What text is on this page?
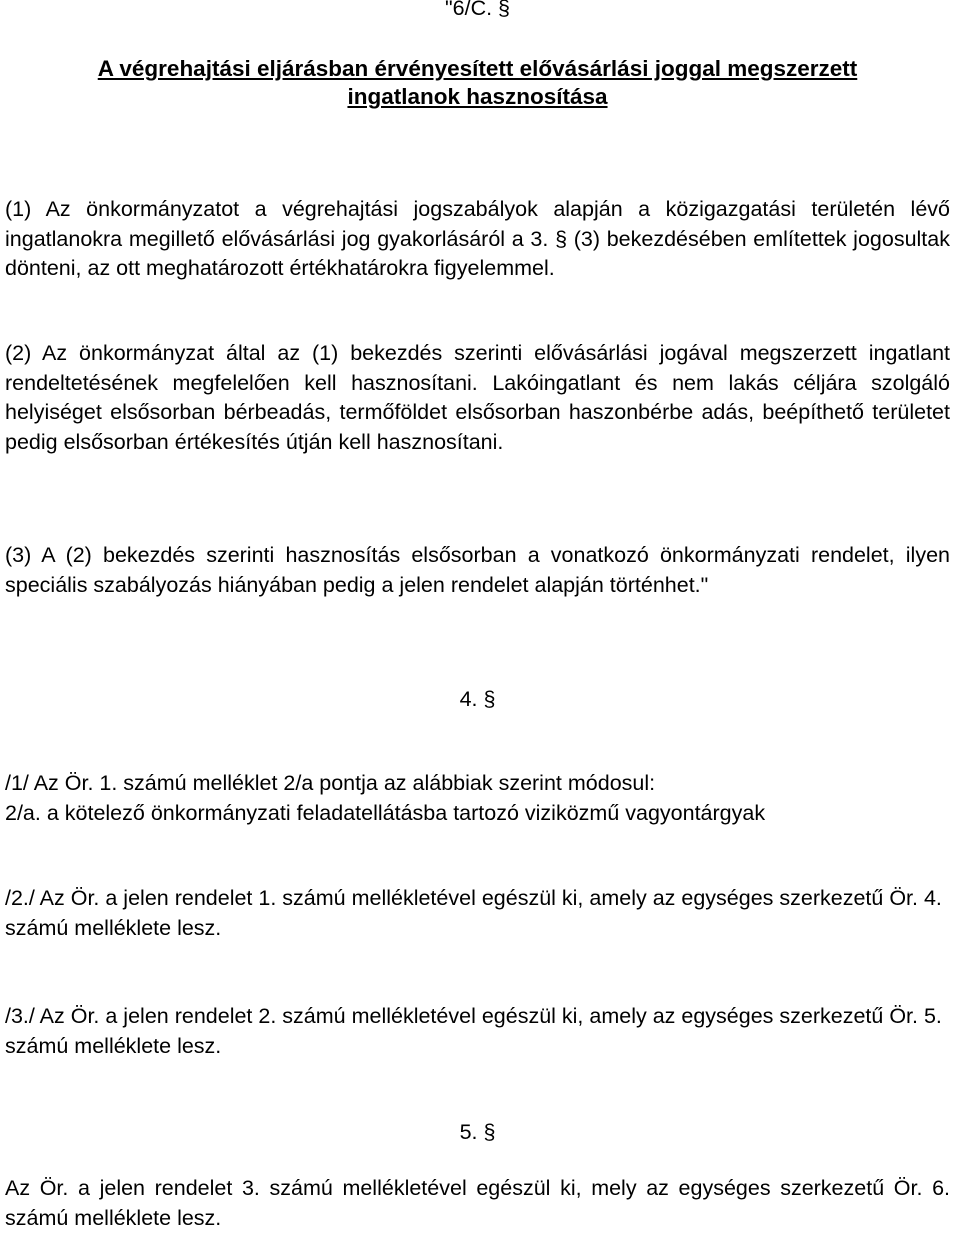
"6/C. §
A végrehajtási eljárásban érvényesített elővásárlási joggal megszerzett
ingatlanok hasznosítása
(1) Az önkormányzatot a végrehajtási jogszabályok alapján a közigazgatási területén lévő ingatlanokra megillető elővásárlási jog gyakorlásáról a 3. § (3) bekezdésében említettek jogosultak dönteni, az ott meghatározott értékhatárokra figyelemmel.
(2) Az önkormányzat által az (1) bekezdés szerinti elővásárlási jogával megszerzett ingatlant rendeltetésének megfelelően kell hasznosítani. Lakóingatlant és nem lakás céljára szolgáló helyiséget elsősorban bérbeadás, termőföldet elsősorban haszonbérbe adás, beépíthető területet pedig elsősorban értékesítés útján kell hasznosítani.
(3) A (2) bekezdés szerinti hasznosítás elsősorban a vonatkozó önkormányzati rendelet, ilyen speciális szabályozás hiányában pedig a jelen rendelet alapján történhet."
4. §
/1/ Az Ör. 1. számú melléklet 2/a pontja az alábbiak szerint módosul:
2/a. a kötelező önkormányzati feladatellátásba tartozó viziközmű vagyontárgyak
/2./ Az Ör. a jelen rendelet 1. számú mellékletével egészül ki, amely az egységes szerkezetű Ör. 4. számú melléklete lesz.
/3./ Az Ör. a jelen rendelet 2. számú mellékletével egészül ki, amely az egységes szerkezetű Ör. 5. számú melléklete lesz.
5. §
Az Ör. a jelen rendelet 3. számú mellékletével egészül ki, mely az egységes szerkezetű Ör. 6. számú melléklete lesz.
